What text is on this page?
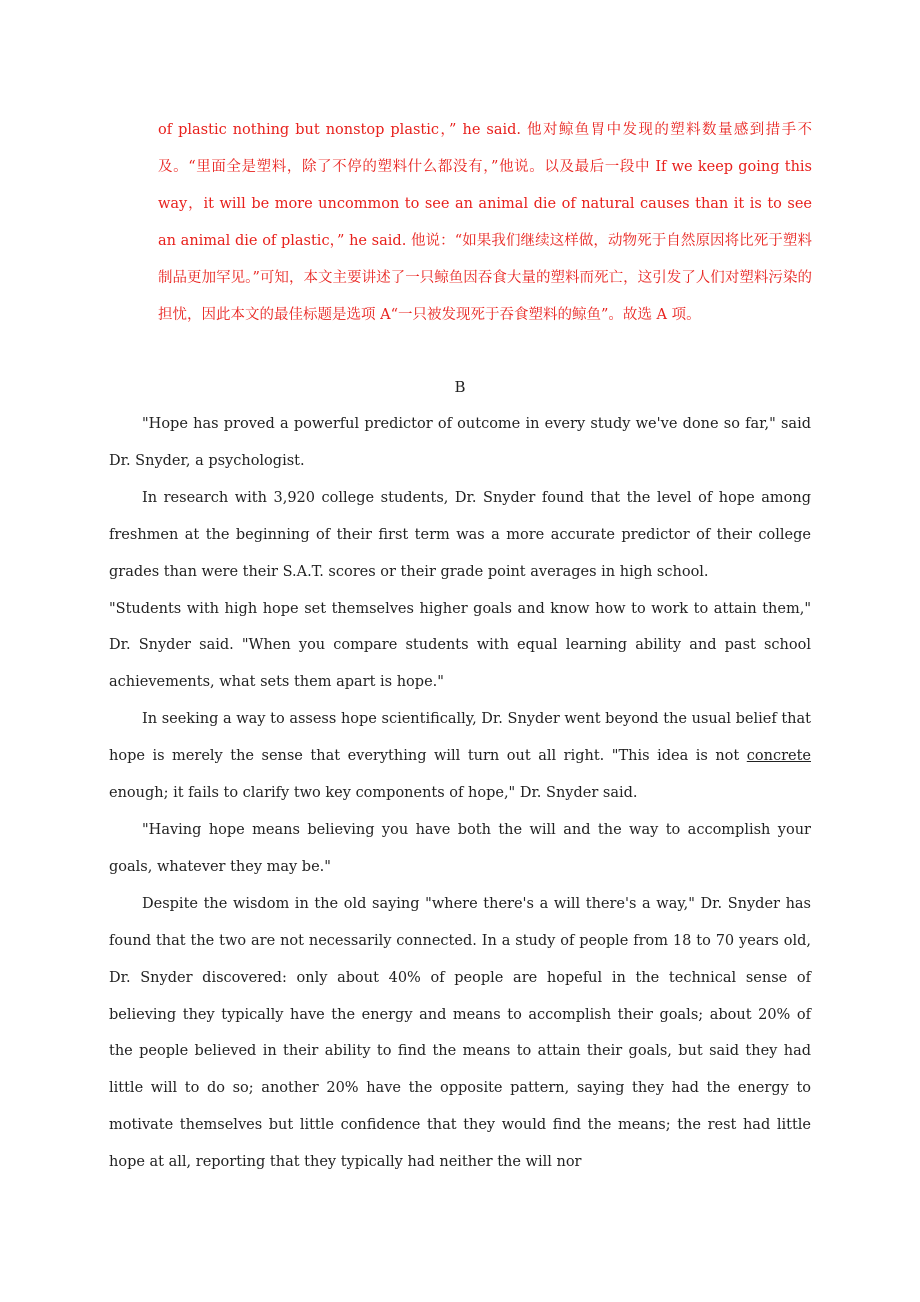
of plastic nothing but nonstop plastic，” he said. 他对鲸鱼胃中发现的塑料数量感到措手不及。“里面全是塑料，除了不停的塑料什么都没有，”他说。以及最后一段中 If we keep going this way，it will be more uncommon to see an animal die of natural causes than it is to see an animal die of plastic，” he said. 他说：“如果我们继续这样做，动物死于自然原因将比死于塑料制品更加罕见。”可知，本文主要讲述了一只鲸鱼因吞食大量的塑料而死亡，这引发了人们对塑料污染的担忧，因此本文的最佳标题是选项 A“一只被发现死于吞食塑料的鲸鱼”。故选 A 项。

B

"Hope has proved a powerful predictor of outcome in every study we've done so far," said Dr. Snyder, a psychologist.

In research with 3,920 college students, Dr. Snyder found that the level of hope among freshmen at the beginning of their first term was a more accurate predictor of their college grades than were their S.A.T. scores or their grade point averages in high school.

"Students with high hope set themselves higher goals and know how to work to attain them," Dr. Snyder said. "When you compare students with equal learning ability and past school achievements, what sets them apart is hope."

In seeking a way to assess hope scientifically, Dr. Snyder went beyond the usual belief that hope is merely the sense that everything will turn out all right. "This idea is not concrete enough; it fails to clarify two key components of hope," Dr. Snyder said.

"Having hope means believing you have both the will and the way to accomplish your goals, whatever they may be."

Despite the wisdom in the old saying "where there's a will there's a way," Dr. Snyder has found that the two are not necessarily connected. In a study of people from 18 to 70 years old, Dr. Snyder discovered: only about 40% of people are hopeful in the technical sense of believing they typically have the energy and means to accomplish their goals; about 20% of the people believed in their ability to find the means to attain their goals, but said they had little will to do so; another 20% have the opposite pattern, saying they had the energy to motivate themselves but little confidence that they would find the means; the rest had little hope at all, reporting that they typically had neither the will nor
